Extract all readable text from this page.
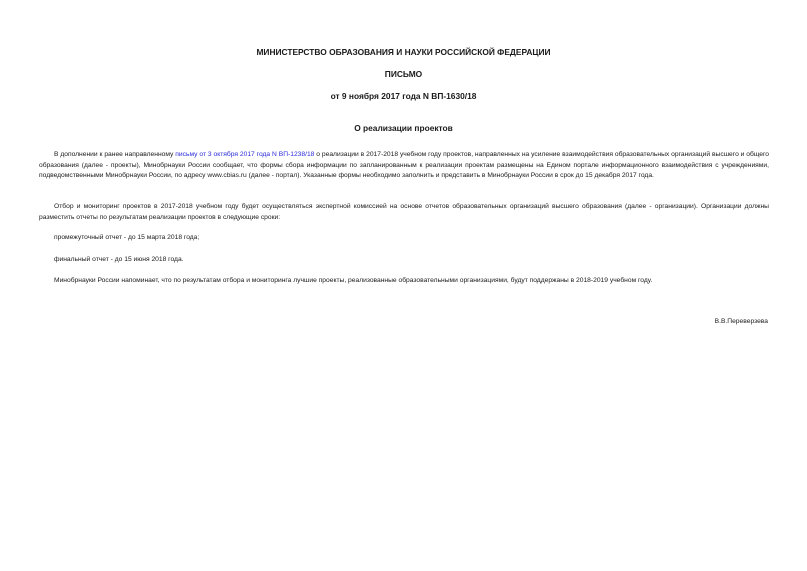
МИНИСТЕРСТВО ОБРАЗОВАНИЯ И НАУКИ РОССИЙСКОЙ ФЕДЕРАЦИИ
ПИСЬМО
от 9 ноября 2017 года N ВП-1630/18
О реализации проектов

В дополнении к ранее направленному письму от 3 октября 2017 года N ВП-1238/18 о реализации в 2017-2018 учебном году проектов, направленных на усиление взаимодействия образовательных организаций высшего и общего образования (далее - проекты), Минобрнауки России сообщает, что формы сбора информации по запланированным к реализации проектам размещены на Едином портале информационного взаимодействия с учреждениями, подведомственными Минобрнауки России, по адресу www.cbias.ru (далее - портал). Указанные формы необходимо заполнить и представить в Минобрнауки России в срок до 15 декабря 2017 года.

Отбор и мониторинг проектов в 2017-2018 учебном году будет осуществляться экспертной комиссией на основе отчетов образовательных организаций высшего образования (далее - организации). Организации должны разместить отчеты по результатам реализации проектов в следующие сроки:

промежуточный отчет - до 15 марта 2018 года;

финальный отчет - до 15 июня 2018 года.

Минобрнауки России напоминает, что по результатам отбора и мониторинга лучшие проекты, реализованные образовательными организациями, будут поддержаны в 2018-2019 учебном году.

В.В.Переверзева
